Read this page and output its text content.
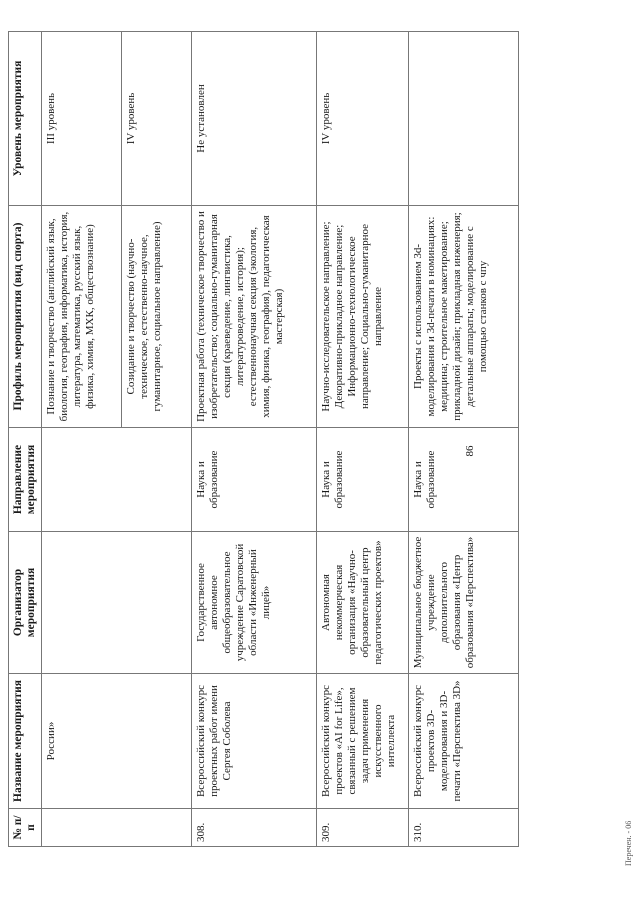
86
№ п/п	Название мероприятия	Организатор мероприятия	Направление мероприятия	Профиль мероприятия (вид спорта)	Уровень мероприятия
	России»			Познание и творчество (английский язык, биология, география, информатика, история, литература, математика, русский язык, физика, химия, МХК, обществознание)	III уровень
				Созидание и творчество (научно-техническое, естественно-научное, гуманитарное, социальное направление)	IV уровень
308.	Всероссийский конкурс проектных работ имени Сергея Соболева	Государственное автономное общеобразовательное учреждение Саратовской области «Инженерный лицей»	Наука и образование	Проектная работа (техническое творчество и изобретательство; социально-гуманитарная секция (краеведение, лингвистика, литературоведение, история); естественнонаучная секция (экология, химия, физика, география), педагогическая мастерская)	Не установлен
309.	Всероссийский конкурс проектов «AI for Life», связанный с решением задач применения искусственного интеллекта	Автономная некоммерческая организация «Научно-образовательный центр педагогических проектов»	Наука и образование	Научно-исследовательское направление; Декоративно-прикладное направление; Информационно-технологическое направление; Социально-гуманитарное направление	IV уровень
310.	Всероссийский конкурс проектов 3D-моделирования и 3D-печати «Перспектива 3D»	Муниципальное бюджетное учреждение дополнительного образования «Центр образования «Перспектива»	Наука и образование	Проекты с использованием 3d-моделирования и 3d-печати в номинациях: медицина; строительное макетирование; прикладной дизайн; прикладная инженерия; детальные аппараты; моделирование с помощью станков с чпу	
Перечен. - 06
